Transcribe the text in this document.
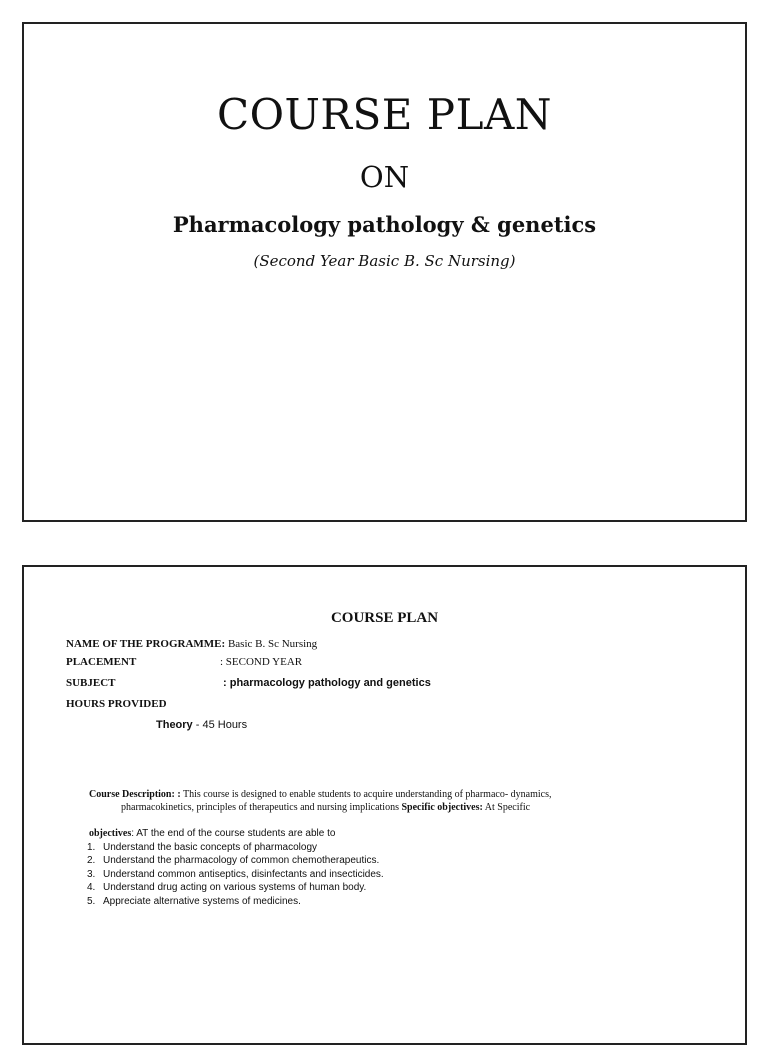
COURSE PLAN
ON
Pharmacology pathology & genetics
(Second Year Basic B. Sc Nursing)
COURSE PLAN
NAME OF THE PROGRAMME: Basic B. Sc Nursing
PLACEMENT	: SECOND YEAR
SUBJECT	: pharmacology pathology and genetics
HOURS PROVIDED
Theory - 45 Hours
Course Description: : This course is designed to enable students to acquire understanding of pharmaco- dynamics,
pharmacokinetics, principles of therapeutics and nursing implications Specific objectives: At Specific
objectives: AT the end of the course students are able to
1. Understand the basic concepts of pharmacology
2. Understand the pharmacology of common chemotherapeutics.
3. Understand common antiseptics, disinfectants and insecticides.
4. Understand drug acting on various systems of human body.
5. Appreciate alternative systems of medicines.
